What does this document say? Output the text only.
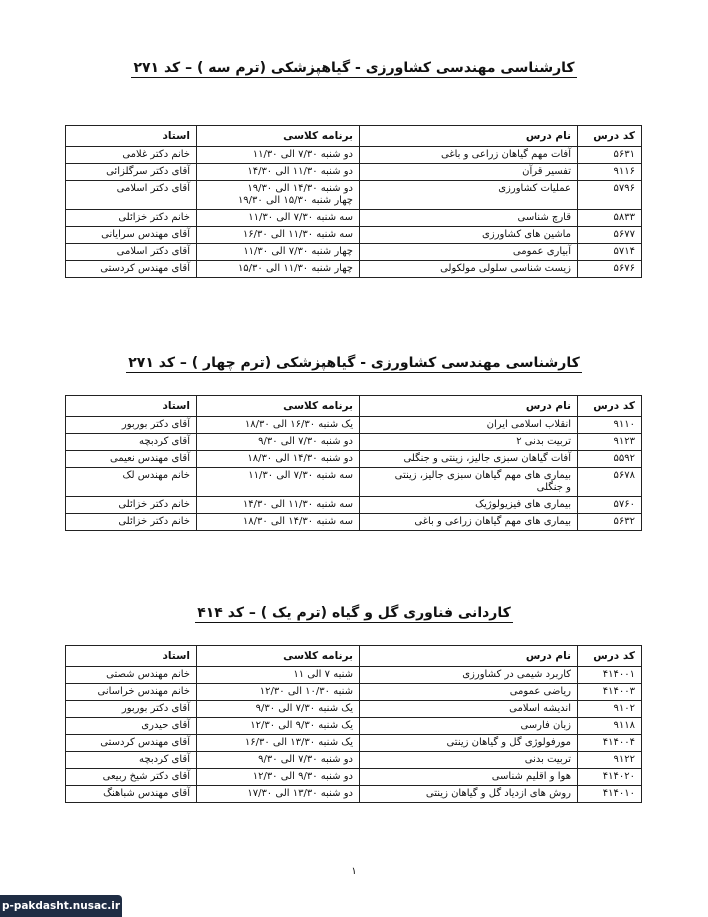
کارشناسی مهندسی کشاورزی - گیاهپزشکی (ترم سه ) – کد ۲۷۱
کد درس	نام درس	برنامه کلاسی	استاد
۵۶۳۱	آفات مهم گیاهان زراعی و باغی	دو شنبه ۷/۳۰ الی ۱۱/۳۰	خانم دکتر غلامی
۹۱۱۶	تفسیر قرآن	دو شنبه ۱۱/۳۰ الی ۱۴/۳۰	آقای دکتر سرگلزائی
۵۷۹۶	عملیات کشاورزی	دو شنبه ۱۴/۳۰ الی ۱۹/۳۰
چهار شنبه ۱۵/۳۰ الی ۱۹/۳۰	آقای دکتر اسلامی
۵۸۳۳	قارچ شناسی	سه شنبه ۷/۳۰ الی ۱۱/۳۰	خانم دکتر خزائلی
۵۶۷۷	ماشین های کشاورزی	سه شنبه ۱۱/۳۰ الی ۱۶/۳۰	آقای مهندس سرایانی
۵۷۱۴	آبیاری عمومی	چهار شنبه ۷/۳۰ الی ۱۱/۳۰	آقای دکتر اسلامی
۵۶۷۶	زیست شناسی سلولی مولکولی	چهار شنبه ۱۱/۳۰ الی ۱۵/۳۰	آقای مهندس کردستی
کارشناسی مهندسی کشاورزی - گیاهپزشکی (ترم چهار ) – کد ۲۷۱
کد درس	نام درس	برنامه کلاسی	استاد
۹۱۱۰	انقلاب اسلامی ایران	یک شنبه ۱۶/۳۰ الی ۱۸/۳۰	آقای دکتر بوربور
۹۱۲۳	تربیت بدنی ۲	دو شنبه ۷/۳۰ الی ۹/۳۰	آقای کردبچه
۵۵۹۲	آفات گیاهان سبزی جالیز، زینتی و جنگلی	دو شنبه ۱۴/۳۰ الی ۱۸/۳۰	آقای مهندس نعیمی
۵۶۷۸	بیماری های مهم گیاهان سبزی جالیز، زینتی
و جنگلی	سه شنبه ۷/۳۰ الی ۱۱/۳۰	خانم مهندس لک
۵۷۶۰	بیماری های فیزیولوژیک	سه شنبه ۱۱/۳۰ الی ۱۴/۳۰	خانم دکتر خزائلی
۵۶۳۲	بیماری های مهم گیاهان زراعی و باغی	سه شنبه ۱۴/۳۰ الی ۱۸/۳۰	خانم دکتر خزائلی
کاردانی فناوری گل و گیاه (ترم یک ) – کد ۴۱۴
کد درس	نام درس	برنامه کلاسی	استاد
۴۱۴۰۰۱	کاربرد شیمی در کشاورزی	شنبه ۷ الی ۱۱	خانم مهندس شصتی
۴۱۴۰۰۳	ریاضی عمومی	شنبه ۱۰/۳۰ الی ۱۲/۳۰	خانم مهندس خراسانی
۹۱۰۲	اندیشه اسلامی	یک شنبه ۷/۳۰ الی ۹/۳۰	آقای دکتر بوربور
۹۱۱۸	زبان فارسی	یک شنبه ۹/۳۰ الی ۱۲/۳۰	آقای حیدری
۴۱۴۰۰۴	مورفولوژی گل و گیاهان زینتی	یک شنبه ۱۳/۳۰ الی ۱۶/۳۰	آقای مهندس کردستی
۹۱۲۲	تربیت بدنی	دو شنبه ۷/۳۰ الی ۹/۳۰	آقای کردبچه
۴۱۴۰۲۰	هوا و اقلیم شناسی	دو شنبه ۹/۳۰ الی ۱۲/۳۰	آقای دکتر شیخ ربیعی
۴۱۴۰۱۰	روش های ازدیاد گل و گیاهان زینتی	دو شنبه ۱۳/۳۰ الی ۱۷/۳۰	آقای مهندس شباهنگ
۱
p-pakdasht.nusac.ir
